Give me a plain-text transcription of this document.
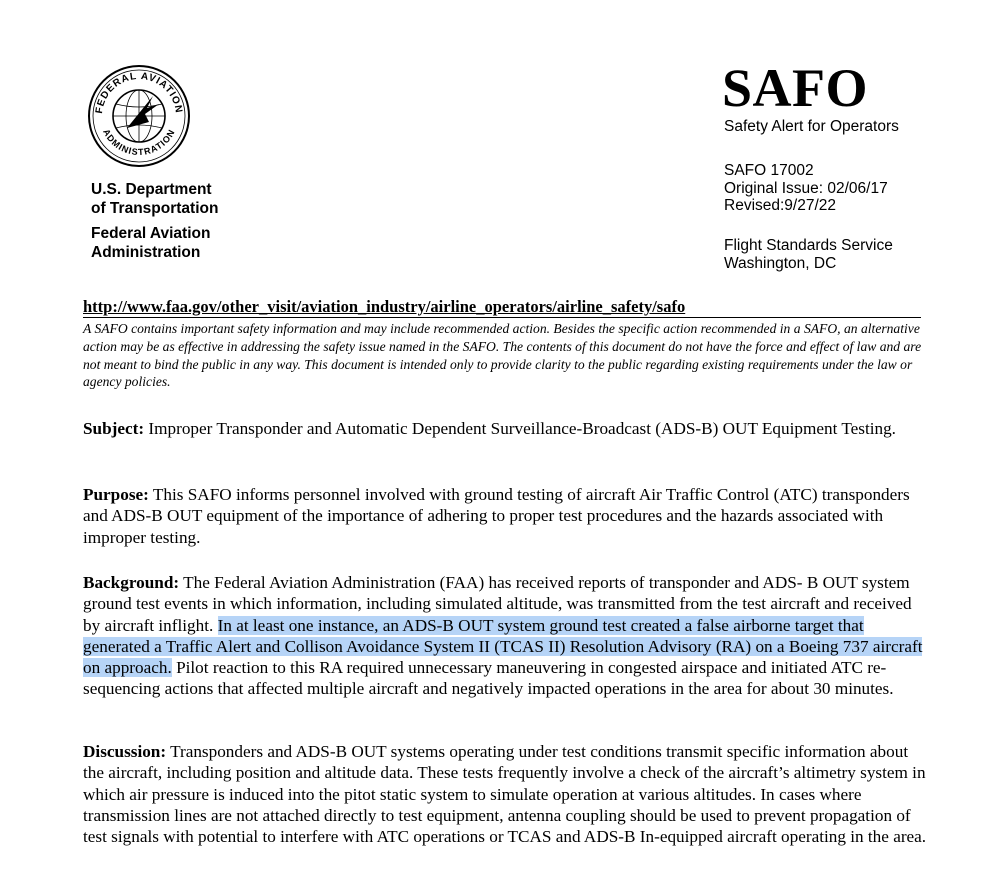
FEDERAL AVIATION
ADMINISTRATION
U.S. Department
of Transportation
Federal Aviation
Administration
SAFO
Safety Alert for Operators
SAFO 17002
Original Issue: 02/06/17
Revised:9/27/22
Flight Standards Service
Washington, DC
http://www.faa.gov/other_visit/aviation_industry/airline_operators/airline_safety/safo
A SAFO contains important safety information and may include recommended action. Besides the specific action recommended in a SAFO, an alternative action may be as effective in addressing the safety issue named in the SAFO. The contents of this document do not have the force and effect of law and are not meant to bind the public in any way. This document is intended only to provide clarity to the public regarding existing requirements under the law or agency policies.
Subject: Improper Transponder and Automatic Dependent Surveillance-Broadcast (ADS-B) OUT Equipment Testing.
Purpose: This SAFO informs personnel involved with ground testing of aircraft Air Traffic Control (ATC) transponders and ADS-B OUT equipment of the importance of adhering to proper test procedures and the hazards associated with improper testing.
Background: The Federal Aviation Administration (FAA) has received reports of transponder and ADS- B OUT system ground test events in which information, including simulated altitude, was transmitted from the test aircraft and received by aircraft inflight. In at least one instance, an ADS-B OUT system ground test created a false airborne target that generated a Traffic Alert and Collison Avoidance System II (TCAS II) Resolution Advisory (RA) on a Boeing 737 aircraft on approach. Pilot reaction to this RA required unnecessary maneuvering in congested airspace and initiated ATC re-sequencing actions that affected multiple aircraft and negatively impacted operations in the area for about 30 minutes.
Discussion: Transponders and ADS-B OUT systems operating under test conditions transmit specific information about the aircraft, including position and altitude data. These tests frequently involve a check of the aircraft’s altimetry system in which air pressure is induced into the pitot static system to simulate operation at various altitudes. In cases where transmission lines are not attached directly to test equipment, antenna coupling should be used to prevent propagation of test signals with potential to interfere with ATC operations or TCAS and ADS-B In-equipped aircraft operating in the area.
